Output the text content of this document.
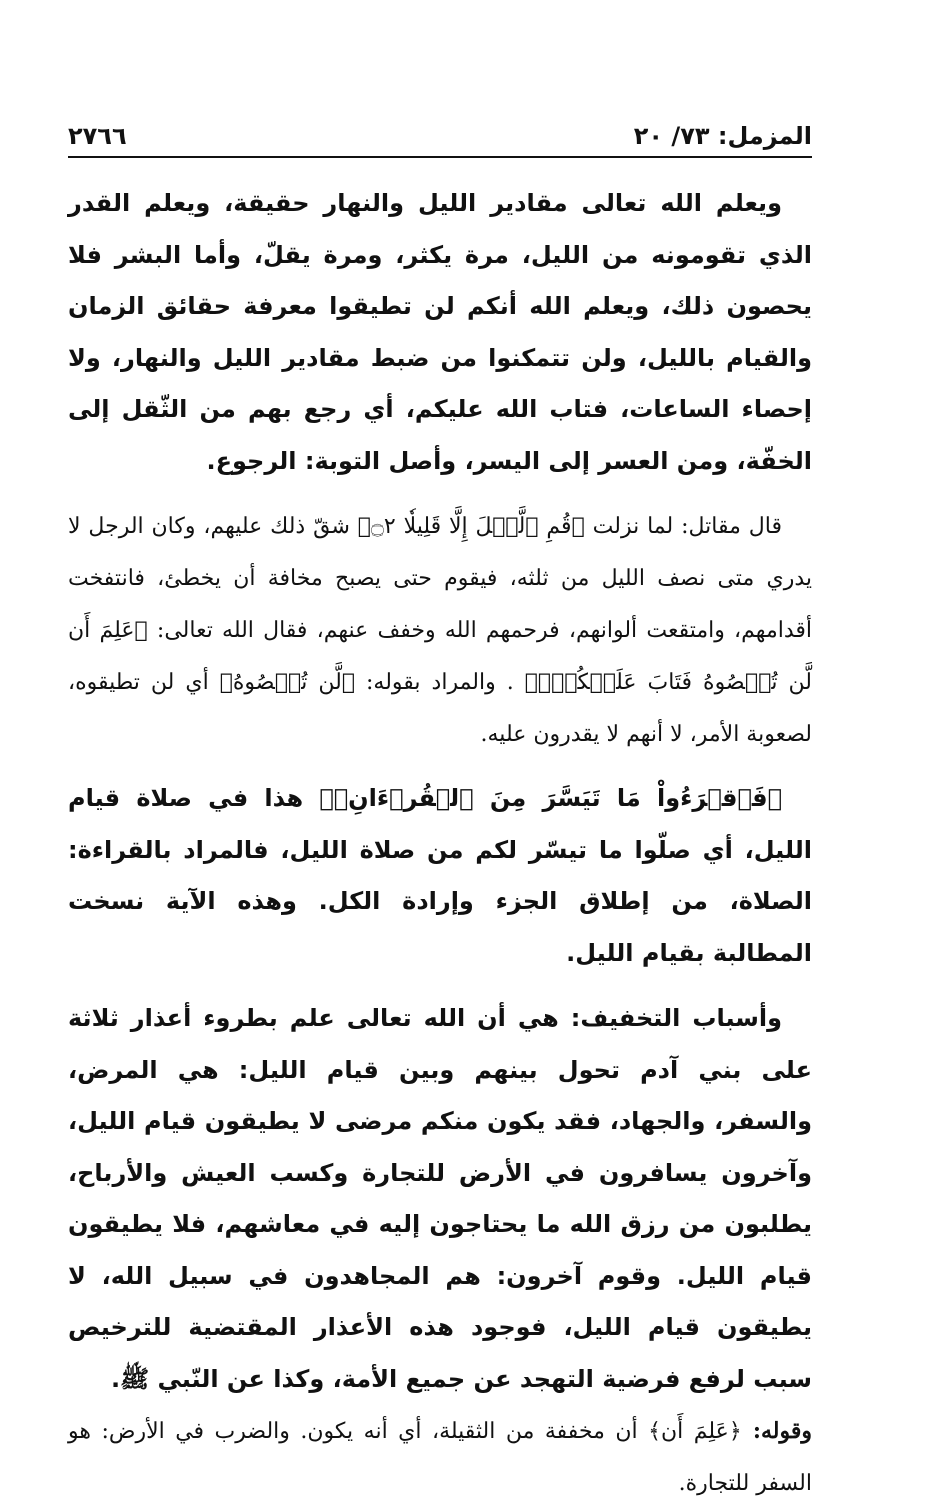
المزمل: ٧٣/ ٢٠
٢٧٦٦

ويعلم الله تعالى مقادير الليل والنهار حقيقة، ويعلم القدر الذي تقومونه من الليل، مرة يكثر، ومرة يقلّ، وأما البشر فلا يحصون ذلك، ويعلم الله أنكم لن تطيقوا معرفة حقائق الزمان والقيام بالليل، ولن تتمكنوا من ضبط مقادير الليل والنهار، ولا إحصاء الساعات، فتاب الله عليكم، أي رجع بهم من الثّقل إلى الخفّة، ومن العسر إلى اليسر، وأصل التوبة: الرجوع.

قال مقاتل: لما نزلت ﴿قُمِ ٱلَّيۡلَ إِلَّا قَلِيلٗا ۝٢﴾ شقّ ذلك عليهم، وكان الرجل لا يدري متى نصف الليل من ثلثه، فيقوم حتى يصبح مخافة أن يخطئ، فانتفخت أقدامهم، وامتقعت ألوانهم، فرحمهم الله وخفف عنهم، فقال الله تعالى: ﴿عَلِمَ أَن لَّن تُحۡصُوهُ فَتَابَ عَلَيۡكُمۡۖ﴾ . والمراد بقوله: ﴿لَّن تُحۡصُوهُ﴾ أي لن تطيقوه، لصعوبة الأمر، لا أنهم لا يقدرون عليه.

﴿فَٱقۡرَءُواْ مَا تَيَسَّرَ مِنَ ٱلۡقُرۡءَانِۚ﴾ هذا في صلاة قيام الليل، أي صلّوا ما تيسّر لكم من صلاة الليل، فالمراد بالقراءة: الصلاة، من إطلاق الجزء وإرادة الكل. وهذه الآية نسخت المطالبة بقيام الليل.

وأسباب التخفيف: هي أن الله تعالى علم بطروء أعذار ثلاثة على بني آدم تحول بينهم وبين قيام الليل: هي المرض، والسفر، والجهاد، فقد يكون منكم مرضى لا يطيقون قيام الليل، وآخرون يسافرون في الأرض للتجارة وكسب العيش والأرباح، يطلبون من رزق الله ما يحتاجون إليه في معاشهم، فلا يطيقون قيام الليل. وقوم آخرون: هم المجاهدون في سبيل الله، لا يطيقون قيام الليل، فوجود هذه الأعذار المقتضية للترخيص سبب لرفع فرضية التهجد عن جميع الأمة، وكذا عن النّبي ﷺ.

وقوله: ﴿عَلِمَ أَن﴾ أن مخففة من الثقيلة، أي أنه يكون. والضرب في الأرض: هو السفر للتجارة.
